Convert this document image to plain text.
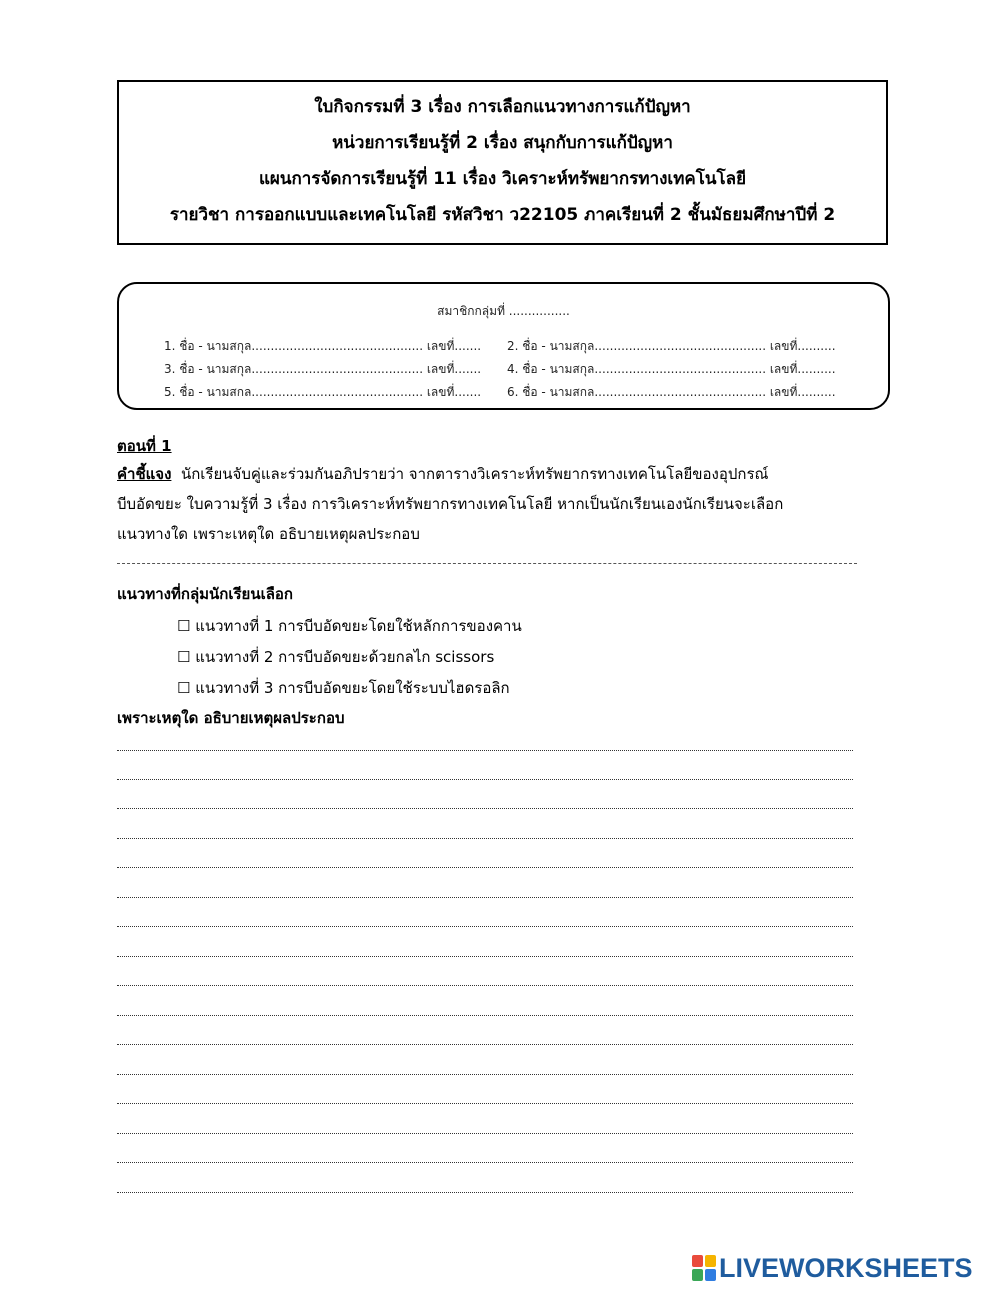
ใบกิจกรรมที่ 3 เรื่อง การเลือกแนวทางการแก้ปัญหา
หน่วยการเรียนรู้ที่ 2 เรื่อง สนุกกับการแก้ปัญหา
แผนการจัดการเรียนรู้ที่ 11 เรื่อง วิเคราะห์ทรัพยากรทางเทคโนโลยี
รายวิชา การออกแบบและเทคโนโลยี รหัสวิชา ว22105 ภาคเรียนที่ 2 ชั้นมัธยมศึกษาปีที่ 2
สมาชิกกลุ่มที่ ................
1. ชื่อ - นามสกุล............................................. เลขที่....... 2. ชื่อ - นามสกุล............................................. เลขที่..........
3. ชื่อ - นามสกุล............................................. เลขที่....... 4. ชื่อ - นามสกุล............................................. เลขที่..........
5. ชื่อ - นามสกล............................................. เลขที่....... 6. ชื่อ - นามสกล............................................. เลขที่..........
ตอนที่ 1
คำชี้แจง นักเรียนจับคู่และร่วมกันอภิปรายว่า จากตารางวิเคราะห์ทรัพยากรทางเทคโนโลยีของอุปกรณ์
บีบอัดขยะ ใบความรู้ที่ 3 เรื่อง การวิเคราะห์ทรัพยากรทางเทคโนโลยี หากเป็นนักเรียนเองนักเรียนจะเลือก
แนวทางใด เพราะเหตุใด อธิบายเหตุผลประกอบ
แนวทางที่กลุ่มนักเรียนเลือก
☐ แนวทางที่ 1 การบีบอัดขยะโดยใช้หลักการของคาน
☐ แนวทางที่ 2 การบีบอัดขยะด้วยกลไก scissors
☐ แนวทางที่ 3 การบีบอัดขยะโดยใช้ระบบไฮดรอลิก
เพราะเหตุใด อธิบายเหตุผลประกอบ
LIVEWORKSHEETS
